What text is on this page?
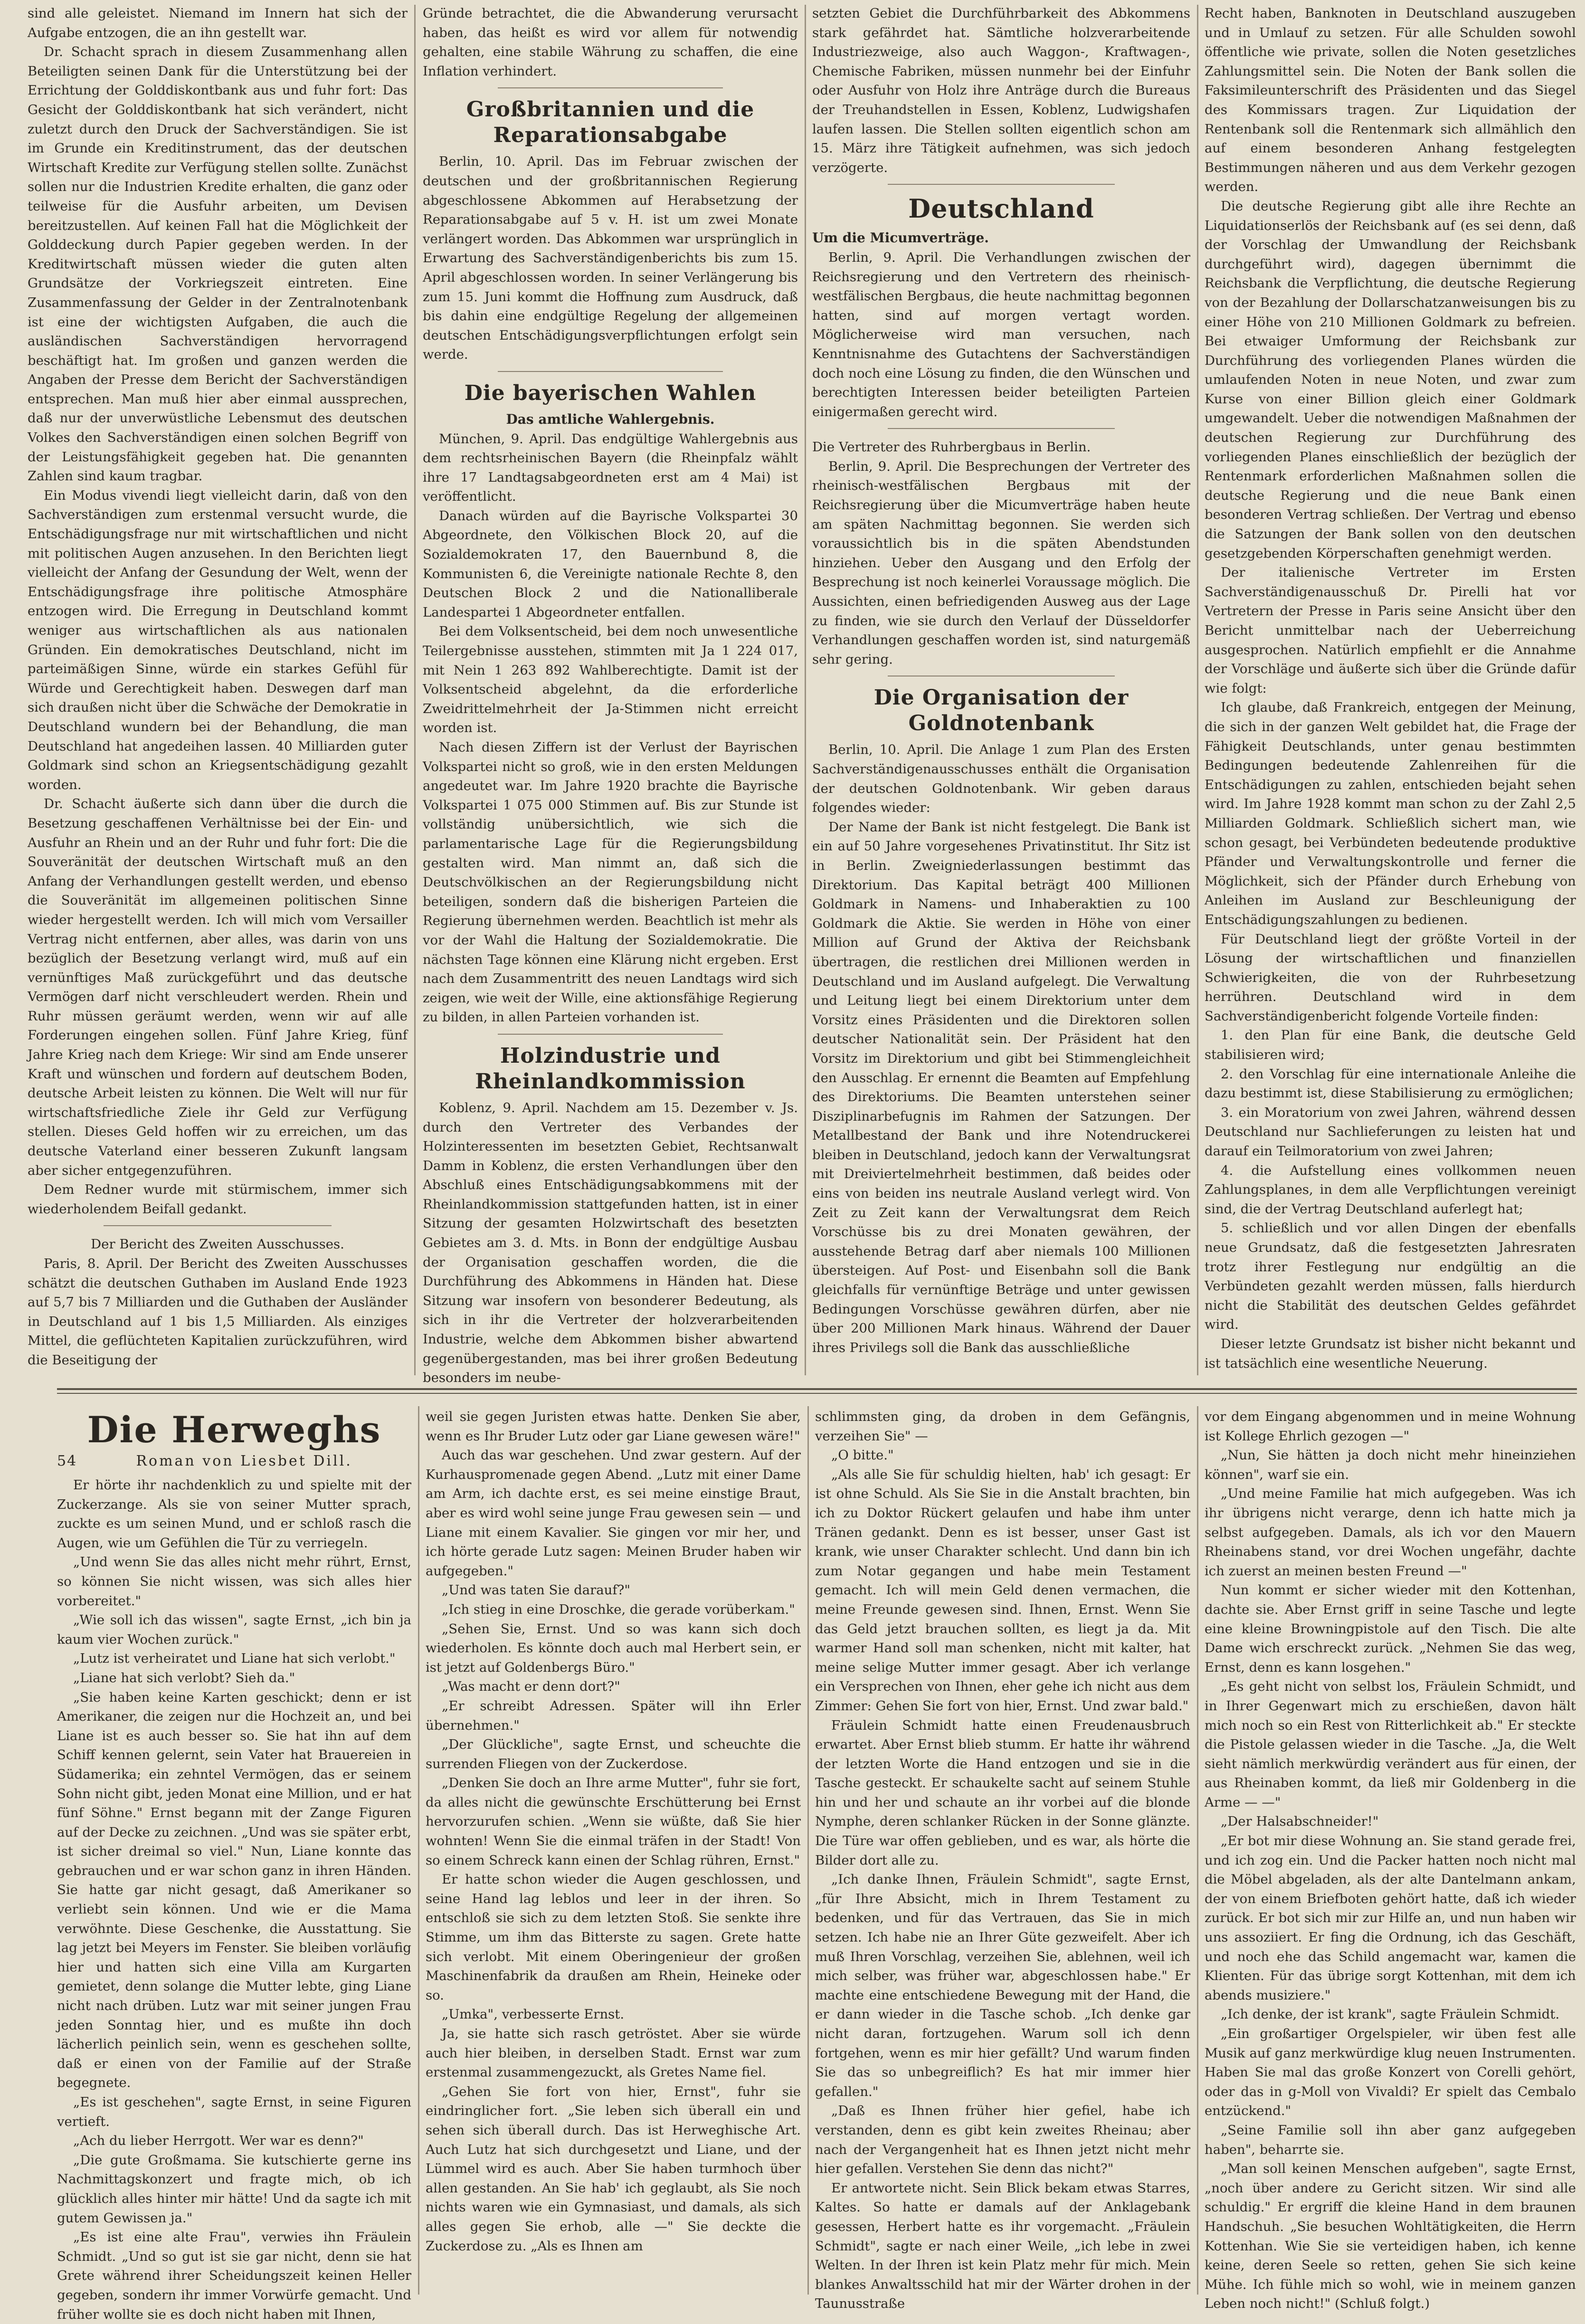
sind alle geleistet. Niemand im Innern hat sich der Aufgabe entzogen, die an ihn gestellt war.

Dr. Schacht sprach in diesem Zusammenhang allen Beteiligten seinen Dank für die Unterstützung bei der Errichtung der Golddiskontbank aus und fuhr fort: Das Gesicht der Golddiskontbank hat sich verändert, nicht zuletzt durch den Druck der Sachverständigen. Sie ist im Grunde ein Kreditinstrument, das der deutschen Wirtschaft Kredite zur Verfügung stellen sollte. Zunächst sollen nur die Industrien Kredite erhalten, die ganz oder teilweise für die Ausfuhr arbeiten, um Devisen bereitzustellen. Auf keinen Fall hat die Möglichkeit der Golddeckung durch Papier gegeben werden. In der Kreditwirtschaft müssen wieder die guten alten Grundsätze der Vorkriegszeit eintreten. Eine Zusammenfassung der Gelder in der Zentralnotenbank ist eine der wichtigsten Aufgaben, die auch die ausländischen Sachverständigen hervorragend beschäftigt hat. Im großen und ganzen werden die Angaben der Presse dem Bericht der Sachverständigen entsprechen. Man muß hier aber einmal aussprechen, daß nur der unverwüstliche Lebensmut des deutschen Volkes den Sachverständigen einen solchen Begriff von der Leistungsfähigkeit gegeben hat. Die genannten Zahlen sind kaum tragbar.

Ein Modus vivendi liegt vielleicht darin, daß von den Sachverständigen zum erstenmal versucht wurde, die Entschädigungsfrage nur mit wirtschaftlichen und nicht mit politischen Augen anzusehen. In den Berichten liegt vielleicht der Anfang der Gesundung der Welt, wenn der Entschädigungsfrage ihre politische Atmosphäre entzogen wird. Die Erregung in Deutschland kommt weniger aus wirtschaftlichen als aus nationalen Gründen. Ein demokratisches Deutschland, nicht im parteimäßigen Sinne, würde ein starkes Gefühl für Würde und Gerechtigkeit haben. Deswegen darf man sich draußen nicht über die Schwäche der Demokratie in Deutschland wundern bei der Behandlung, die man Deutschland hat angedeihen lassen. 40 Milliarden guter Goldmark sind schon an Kriegsentschädigung gezahlt worden.

Dr. Schacht äußerte sich dann über die durch die Besetzung geschaffenen Verhältnisse bei der Ein- und Ausfuhr an Rhein und an der Ruhr und fuhr fort: Die die Souveränität der deutschen Wirtschaft muß an den Anfang der Verhandlungen gestellt werden, und ebenso die Souveränität im allgemeinen politischen Sinne wieder hergestellt werden. Ich will mich vom Versailler Vertrag nicht entfernen, aber alles, was darin von uns bezüglich der Besetzung verlangt wird, muß auf ein vernünftiges Maß zurückgeführt und das deutsche Vermögen darf nicht verschleudert werden. Rhein und Ruhr müssen geräumt werden, wenn wir auf alle Forderungen eingehen sollen. Fünf Jahre Krieg, fünf Jahre Krieg nach dem Kriege: Wir sind am Ende unserer Kraft und wünschen und fordern auf deutschem Boden, deutsche Arbeit leisten zu können. Die Welt will nur für wirtschaftsfriedliche Ziele ihr Geld zur Verfügung stellen. Dieses Geld hoffen wir zu erreichen, um das deutsche Vaterland einer besseren Zukunft langsam aber sicher entgegenzuführen.

Dem Redner wurde mit stürmischem, immer sich wiederholendem Beifall gedankt.

Der Bericht des Zweiten Ausschusses.

Paris, 8. April. Der Bericht des Zweiten Ausschusses schätzt die deutschen Guthaben im Ausland Ende 1923 auf 5,7 bis 7 Milliarden und die Guthaben der Ausländer in Deutschland auf 1 bis 1,5 Milliarden. Als einziges Mittel, die geflüchteten Kapitalien zurückzuführen, wird die Beseitigung der

Gründe betrachtet, die die Abwanderung verursacht haben, das heißt es wird vor allem für notwendig gehalten, eine stabile Währung zu schaffen, die eine Inflation verhindert.

Großbritannien und die Reparationsabgabe

Berlin, 10. April. Das im Februar zwischen der deutschen und der großbritannischen Regierung abgeschlossene Abkommen auf Herabsetzung der Reparationsabgabe auf 5 v. H. ist um zwei Monate verlängert worden. Das Abkommen war ursprünglich in Erwartung des Sachverständigenberichts bis zum 15. April abgeschlossen worden. In seiner Verlängerung bis zum 15. Juni kommt die Hoffnung zum Ausdruck, daß bis dahin eine endgültige Regelung der allgemeinen deutschen Entschädigungsverpflichtungen erfolgt sein werde.

Die bayerischen Wahlen

Das amtliche Wahlergebnis.

München, 9. April. Das endgültige Wahlergebnis aus dem rechtsrheinischen Bayern (die Rheinpfalz wählt ihre 17 Landtagsabgeordneten erst am 4 Mai) ist veröffentlicht.

Danach würden auf die Bayrische Volkspartei 30 Abgeordnete, den Völkischen Block 20, auf die Sozialdemokraten 17, den Bauernbund 8, die Kommunisten 6, die Vereinigte nationale Rechte 8, den Deutschen Block 2 und die Nationalliberale Landespartei 1 Abgeordneter entfallen.

Bei dem Volksentscheid, bei dem noch unwesentliche Teilergebnisse ausstehen, stimmten mit Ja 1 224 017, mit Nein 1 263 892 Wahlberechtigte. Damit ist der Volksentscheid abgelehnt, da die erforderliche Zweidrittelmehrheit der Ja-Stimmen nicht erreicht worden ist.

Nach diesen Ziffern ist der Verlust der Bayrischen Volkspartei nicht so groß, wie in den ersten Meldungen angedeutet war. Im Jahre 1920 brachte die Bayrische Volkspartei 1 075 000 Stimmen auf. Bis zur Stunde ist vollständig unübersichtlich, wie sich die parlamentarische Lage für die Regierungsbildung gestalten wird. Man nimmt an, daß sich die Deutschvölkischen an der Regierungsbildung nicht beteiligen, sondern daß die bisherigen Parteien die Regierung übernehmen werden. Beachtlich ist mehr als vor der Wahl die Haltung der Sozialdemokratie. Die nächsten Tage können eine Klärung nicht ergeben. Erst nach dem Zusammentritt des neuen Landtags wird sich zeigen, wie weit der Wille, eine aktionsfähige Regierung zu bilden, in allen Parteien vorhanden ist.

Holzindustrie und Rheinlandkommission

Koblenz, 9. April. Nachdem am 15. Dezember v. Js. durch den Vertreter des Verbandes der Holzinteressenten im besetzten Gebiet, Rechtsanwalt Damm in Koblenz, die ersten Verhandlungen über den Abschluß eines Entschädigungsabkommens mit der Rheinlandkommission stattgefunden hatten, ist in einer Sitzung der gesamten Holzwirtschaft des besetzten Gebietes am 3. d. Mts. in Bonn der endgültige Ausbau der Organisation geschaffen worden, die die Durchführung des Abkommens in Händen hat. Diese Sitzung war insofern von besonderer Bedeutung, als sich in ihr die Vertreter der holzverarbeitenden Industrie, welche dem Abkommen bisher abwartend gegenübergestanden, mas bei ihrer großen Bedeutung besonders im neube-

setzten Gebiet die Durchführbarkeit des Abkommens stark gefährdet hat. Sämtliche holzverarbeitende Industriezweige, also auch Waggon-, Kraftwagen-, Chemische Fabriken, müssen nunmehr bei der Einfuhr oder Ausfuhr von Holz ihre Anträge durch die Bureaus der Treuhandstellen in Essen, Koblenz, Ludwigshafen laufen lassen. Die Stellen sollten eigentlich schon am 15. März ihre Tätigkeit aufnehmen, was sich jedoch verzögerte.

Deutschland

Um die Micumverträge.

Berlin, 9. April. Die Verhandlungen zwischen der Reichsregierung und den Vertretern des rheinisch-westfälischen Bergbaus, die heute nachmittag begonnen hatten, sind auf morgen vertagt worden. Möglicherweise wird man versuchen, nach Kenntnisnahme des Gutachtens der Sachverständigen doch noch eine Lösung zu finden, die den Wünschen und berechtigten Interessen beider beteiligten Parteien einigermaßen gerecht wird.

Die Vertreter des Ruhrbergbaus in Berlin.

Berlin, 9. April. Die Besprechungen der Vertreter des rheinisch-westfälischen Bergbaus mit der Reichsregierung über die Micumverträge haben heute am späten Nachmittag begonnen. Sie werden sich voraussichtlich bis in die späten Abendstunden hinziehen. Ueber den Ausgang und den Erfolg der Besprechung ist noch keinerlei Voraussage möglich. Die Aussichten, einen befriedigenden Ausweg aus der Lage zu finden, wie sie durch den Verlauf der Düsseldorfer Verhandlungen geschaffen worden ist, sind naturgemäß sehr gering.

Die Organisation der Goldnotenbank

Berlin, 10. April. Die Anlage 1 zum Plan des Ersten Sachverständigenausschusses enthält die Organisation der deutschen Goldnotenbank. Wir geben daraus folgendes wieder:

Der Name der Bank ist nicht festgelegt. Die Bank ist ein auf 50 Jahre vorgesehenes Privatinstitut. Ihr Sitz ist in Berlin. Zweigniederlassungen bestimmt das Direktorium. Das Kapital beträgt 400 Millionen Goldmark in Namens- und Inhaberaktien zu 100 Goldmark die Aktie. Sie werden in Höhe von einer Million auf Grund der Aktiva der Reichsbank übertragen, die restlichen drei Millionen werden in Deutschland und im Ausland aufgelegt. Die Verwaltung und Leitung liegt bei einem Direktorium unter dem Vorsitz eines Präsidenten und die Direktoren sollen deutscher Nationalität sein. Der Präsident hat den Vorsitz im Direktorium und gibt bei Stimmengleichheit den Ausschlag. Er ernennt die Beamten auf Empfehlung des Direktoriums. Die Beamten unterstehen seiner Disziplinarbefugnis im Rahmen der Satzungen. Der Metallbestand der Bank und ihre Notendruckerei bleiben in Deutschland, jedoch kann der Verwaltungsrat mit Dreiviertelmehrheit bestimmen, daß beides oder eins von beiden ins neutrale Ausland verlegt wird. Von Zeit zu Zeit kann der Verwaltungsrat dem Reich Vorschüsse bis zu drei Monaten gewähren, der ausstehende Betrag darf aber niemals 100 Millionen übersteigen. Auf Post- und Eisenbahn soll die Bank gleichfalls für vernünftige Beträge und unter gewissen Bedingungen Vorschüsse gewähren dürfen, aber nie über 200 Millionen Mark hinaus. Während der Dauer ihres Privilegs soll die Bank das ausschließliche

Recht haben, Banknoten in Deutschland auszugeben und in Umlauf zu setzen. Für alle Schulden sowohl öffentliche wie private, sollen die Noten gesetzliches Zahlungsmittel sein. Die Noten der Bank sollen die Faksimileunterschrift des Präsidenten und das Siegel des Kommissars tragen. Zur Liquidation der Rentenbank soll die Rentenmark sich allmählich den auf einem besonderen Anhang festgelegten Bestimmungen näheren und aus dem Verkehr gezogen werden.

Die deutsche Regierung gibt alle ihre Rechte an Liquidationserlös der Reichsbank auf (es sei denn, daß der Vorschlag der Umwandlung der Reichsbank durchgeführt wird), dagegen übernimmt die Reichsbank die Verpflichtung, die deutsche Regierung von der Bezahlung der Dollarschatzanweisungen bis zu einer Höhe von 210 Millionen Goldmark zu befreien. Bei etwaiger Umformung der Reichsbank zur Durchführung des vorliegenden Planes würden die umlaufenden Noten in neue Noten, und zwar zum Kurse von einer Billion gleich einer Goldmark umgewandelt. Ueber die notwendigen Maßnahmen der deutschen Regierung zur Durchführung des vorliegenden Planes einschließlich der bezüglich der Rentenmark erforderlichen Maßnahmen sollen die deutsche Regierung und die neue Bank einen besonderen Vertrag schließen. Der Vertrag und ebenso die Satzungen der Bank sollen von den deutschen gesetzgebenden Körperschaften genehmigt werden.

Der italienische Vertreter im Ersten Sachverständigenausschuß Dr. Pirelli hat vor Vertretern der Presse in Paris seine Ansicht über den Bericht unmittelbar nach der Ueberreichung ausgesprochen. Natürlich empfiehlt er die Annahme der Vorschläge und äußerte sich über die Gründe dafür wie folgt:

Ich glaube, daß Frankreich, entgegen der Meinung, die sich in der ganzen Welt gebildet hat, die Frage der Fähigkeit Deutschlands, unter genau bestimmten Bedingungen bedeutende Zahlenreihen für die Entschädigungen zu zahlen, entschieden bejaht sehen wird. Im Jahre 1928 kommt man schon zu der Zahl 2,5 Milliarden Goldmark. Schließlich sichert man, wie schon gesagt, bei Verbündeten bedeutende produktive Pfänder und Verwaltungskontrolle und ferner die Möglichkeit, sich der Pfänder durch Erhebung von Anleihen im Ausland zur Beschleunigung der Entschädigungszahlungen zu bedienen.

Für Deutschland liegt der größte Vorteil in der Lösung der wirtschaftlichen und finanziellen Schwierigkeiten, die von der Ruhrbesetzung herrühren. Deutschland wird in dem Sachverständigenbericht folgende Vorteile finden:

1. den Plan für eine Bank, die deutsche Geld stabilisieren wird;

2. den Vorschlag für eine internationale Anleihe die dazu bestimmt ist, diese Stabilisierung zu ermöglichen;

3. ein Moratorium von zwei Jahren, während dessen Deutschland nur Sachlieferungen zu leisten hat und darauf ein Teilmoratorium von zwei Jahren;

4. die Aufstellung eines vollkommen neuen Zahlungsplanes, in dem alle Verpflichtungen vereinigt sind, die der Vertrag Deutschland auferlegt hat;

5. schließlich und vor allen Dingen der ebenfalls neue Grundsatz, daß die festgesetzten Jahresraten trotz ihrer Festlegung nur endgültig an die Verbündeten gezahlt werden müssen, falls hierdurch nicht die Stabilität des deutschen Geldes gefährdet wird.

Dieser letzte Grundsatz ist bisher nicht bekannt und ist tatsächlich eine wesentliche Neuerung.

Die Herweghs
54	Roman von Liesbet Dill.

Er hörte ihr nachdenklich zu und spielte mit der Zuckerzange. Als sie von seiner Mutter sprach, zuckte es um seinen Mund, und er schloß rasch die Augen, wie um Gefühlen die Tür zu verriegeln.

„Und wenn Sie das alles nicht mehr rührt, Ernst, so können Sie nicht wissen, was sich alles hier vorbereitet."

„Wie soll ich das wissen", sagte Ernst, „ich bin ja kaum vier Wochen zurück."

„Lutz ist verheiratet und Liane hat sich verlobt."

„Liane hat sich verlobt? Sieh da."

„Sie haben keine Karten geschickt; denn er ist Amerikaner, die zeigen nur die Hochzeit an, und bei Liane ist es auch besser so. Sie hat ihn auf dem Schiff kennen gelernt, sein Vater hat Brauereien in Südamerika; ein zehntel Vermögen, das er seinem Sohn nicht gibt, jeden Monat eine Million, und er hat fünf Söhne." Ernst begann mit der Zange Figuren auf der Decke zu zeichnen. „Und was sie später erbt, ist sicher dreimal so viel." Nun, Liane konnte das gebrauchen und er war schon ganz in ihren Händen. Sie hatte gar nicht gesagt, daß Amerikaner so verliebt sein können. Und wie er die Mama verwöhnte. Diese Geschenke, die Ausstattung. Sie lag jetzt bei Meyers im Fenster. Sie bleiben vorläufig hier und hatten sich eine Villa am Kurgarten gemietet, denn solange die Mutter lebte, ging Liane nicht nach drüben. Lutz war mit seiner jungen Frau jeden Sonntag hier, und es mußte ihn doch lächerlich peinlich sein, wenn es geschehen sollte, daß er einen von der Familie auf der Straße begegnete.

„Es ist geschehen", sagte Ernst, in seine Figuren vertieft.

„Ach du lieber Herrgott. Wer war es denn?"

„Die gute Großmama. Sie kutschierte gerne ins Nachmittagskonzert und fragte mich, ob ich glücklich alles hinter mir hätte! Und da sagte ich mit gutem Gewissen ja."

„Es ist eine alte Frau", verwies ihn Fräulein Schmidt. „Und so gut ist sie gar nicht, denn sie hat Grete während ihrer Scheidungszeit keinen Heller gegeben, sondern ihr immer Vorwürfe gemacht. Und früher wollte sie es doch nicht haben mit Ihnen,

weil sie gegen Juristen etwas hatte. Denken Sie aber, wenn es Ihr Bruder Lutz oder gar Liane gewesen wäre!"

Auch das war geschehen. Und zwar gestern. Auf der Kurhauspromenade gegen Abend. „Lutz mit einer Dame am Arm, ich dachte erst, es sei meine einstige Braut, aber es wird wohl seine junge Frau gewesen sein — und Liane mit einem Kavalier. Sie gingen vor mir her, und ich hörte gerade Lutz sagen: Meinen Bruder haben wir aufgegeben."

„Und was taten Sie darauf?"

„Ich stieg in eine Droschke, die gerade vorüberkam."

„Sehen Sie, Ernst. Und so was kann sich doch wiederholen. Es könnte doch auch mal Herbert sein, er ist jetzt auf Goldenbergs Büro."

„Was macht er denn dort?"

„Er schreibt Adressen. Später will ihn Erler übernehmen."

„Der Glückliche", sagte Ernst, und scheuchte die surrenden Fliegen von der Zuckerdose.

„Denken Sie doch an Ihre arme Mutter", fuhr sie fort, da alles nicht die gewünschte Erschütterung bei Ernst hervorzurufen schien. „Wenn sie wüßte, daß Sie hier wohnten! Wenn Sie die einmal träfen in der Stadt! Von so einem Schreck kann einen der Schlag rühren, Ernst."

Er hatte schon wieder die Augen geschlossen, und seine Hand lag leblos und leer in der ihren. So entschloß sie sich zu dem letzten Stoß. Sie senkte ihre Stimme, um ihm das Bitterste zu sagen. Grete hatte sich verlobt. Mit einem Oberingenieur der großen Maschinenfabrik da draußen am Rhein, Heineke oder so.

„Umka", verbesserte Ernst.

Ja, sie hatte sich rasch getröstet. Aber sie würde auch hier bleiben, in derselben Stadt. Ernst war zum erstenmal zusammengezuckt, als Gretes Name fiel.

„Gehen Sie fort von hier, Ernst", fuhr sie eindringlicher fort. „Sie leben sich überall ein und sehen sich überall durch. Das ist Herweghische Art. Auch Lutz hat sich durchgesetzt und Liane, und der Lümmel wird es auch. Aber Sie haben turmhoch über allen gestanden. An Sie hab' ich geglaubt, als Sie noch nichts waren wie ein Gymnasiast, und damals, als sich alles gegen Sie erhob, alle —" Sie deckte die Zuckerdose zu. „Als es Ihnen am

schlimmsten ging, da droben in dem Gefängnis, verzeihen Sie" —

„O bitte."

„Als alle Sie für schuldig hielten, hab' ich gesagt: Er ist ohne Schuld. Als Sie Sie in die Anstalt brachten, bin ich zu Doktor Rückert gelaufen und habe ihm unter Tränen gedankt. Denn es ist besser, unser Gast ist krank, wie unser Charakter schlecht. Und dann bin ich zum Notar gegangen und habe mein Testament gemacht. Ich will mein Geld denen vermachen, die meine Freunde gewesen sind. Ihnen, Ernst. Wenn Sie das Geld jetzt brauchen sollten, es liegt ja da. Mit warmer Hand soll man schenken, nicht mit kalter, hat meine selige Mutter immer gesagt. Aber ich verlange ein Versprechen von Ihnen, eher gehe ich nicht aus dem Zimmer: Gehen Sie fort von hier, Ernst. Und zwar bald."

Fräulein Schmidt hatte einen Freudenausbruch erwartet. Aber Ernst blieb stumm. Er hatte ihr während der letzten Worte die Hand entzogen und sie in die Tasche gesteckt. Er schaukelte sacht auf seinem Stuhle hin und her und schaute an ihr vorbei auf die blonde Nymphe, deren schlanker Rücken in der Sonne glänzte. Die Türe war offen geblieben, und es war, als hörte die Bilder dort alle zu.

„Ich danke Ihnen, Fräulein Schmidt", sagte Ernst, „für Ihre Absicht, mich in Ihrem Testament zu bedenken, und für das Vertrauen, das Sie in mich setzen. Ich habe nie an Ihrer Güte gezweifelt. Aber ich muß Ihren Vorschlag, verzeihen Sie, ablehnen, weil ich mich selber, was früher war, abgeschlossen habe." Er machte eine entschiedene Bewegung mit der Hand, die er dann wieder in die Tasche schob. „Ich denke gar nicht daran, fortzugehen. Warum soll ich denn fortgehen, wenn es mir hier gefällt? Und warum finden Sie das so unbegreiflich? Es hat mir immer hier gefallen."

„Daß es Ihnen früher hier gefiel, habe ich verstanden, denn es gibt kein zweites Rheinau; aber nach der Vergangenheit hat es Ihnen jetzt nicht mehr hier gefallen. Verstehen Sie denn das nicht?"

Er antwortete nicht. Sein Blick bekam etwas Starres, Kaltes. So hatte er damals auf der Anklagebank gesessen, Herbert hatte es ihr vorgemacht. „Fräulein Schmidt", sagte er nach einer Weile, „ich lebe in zwei Welten. In der Ihren ist kein Platz mehr für mich. Mein blankes Anwaltsschild hat mir der Wärter drohen in der Taunusstraße

vor dem Eingang abgenommen und in meine Wohnung ist Kollege Ehrlich gezogen —"

„Nun, Sie hätten ja doch nicht mehr hineinziehen können", warf sie ein.

„Und meine Familie hat mich aufgegeben. Was ich ihr übrigens nicht verarge, denn ich hatte mich ja selbst aufgegeben. Damals, als ich vor den Mauern Rheinabens stand, vor drei Wochen ungefähr, dachte ich zuerst an meinen besten Freund —"

Nun kommt er sicher wieder mit den Kottenhan, dachte sie. Aber Ernst griff in seine Tasche und legte eine kleine Browningpistole auf den Tisch. Die alte Dame wich erschreckt zurück. „Nehmen Sie das weg, Ernst, denn es kann losgehen."

„Es geht nicht von selbst los, Fräulein Schmidt, und in Ihrer Gegenwart mich zu erschießen, davon hält mich noch so ein Rest von Ritterlichkeit ab." Er steckte die Pistole gelassen wieder in die Tasche. „Ja, die Welt sieht nämlich merkwürdig verändert aus für einen, der aus Rheinaben kommt, da ließ mir Goldenberg in die Arme — —"

„Der Halsabschneider!"

„Er bot mir diese Wohnung an. Sie stand gerade frei, und ich zog ein. Und die Packer hatten noch nicht mal die Möbel abgeladen, als der alte Dantelmann ankam, der von einem Briefboten gehört hatte, daß ich wieder zurück. Er bot sich mir zur Hilfe an, und nun haben wir uns assoziiert. Er fing die Ordnung, ich das Geschäft, und noch ehe das Schild angemacht war, kamen die Klienten. Für das übrige sorgt Kottenhan, mit dem ich abends musiziere."

„Ich denke, der ist krank", sagte Fräulein Schmidt.

„Ein großartiger Orgelspieler, wir üben fest alle Musik auf ganz merkwürdige klug neuen Instrumenten. Haben Sie mal das große Konzert von Corelli gehört, oder das in g-Moll von Vivaldi? Er spielt das Cembalo entzückend."

„Seine Familie soll ihn aber ganz aufgegeben haben", beharrte sie.

„Man soll keinen Menschen aufgeben", sagte Ernst, „noch über andere zu Gericht sitzen. Wir sind alle schuldig." Er ergriff die kleine Hand in dem braunen Handschuh. „Sie besuchen Wohltätigkeiten, die Herrn Kottenhan. Wie Sie sie verteidigen haben, ich kenne keine, deren Seele so retten, gehen Sie sich keine Mühe. Ich fühle mich so wohl, wie in meinem ganzen Leben noch nicht!" (Schluß folgt.)
